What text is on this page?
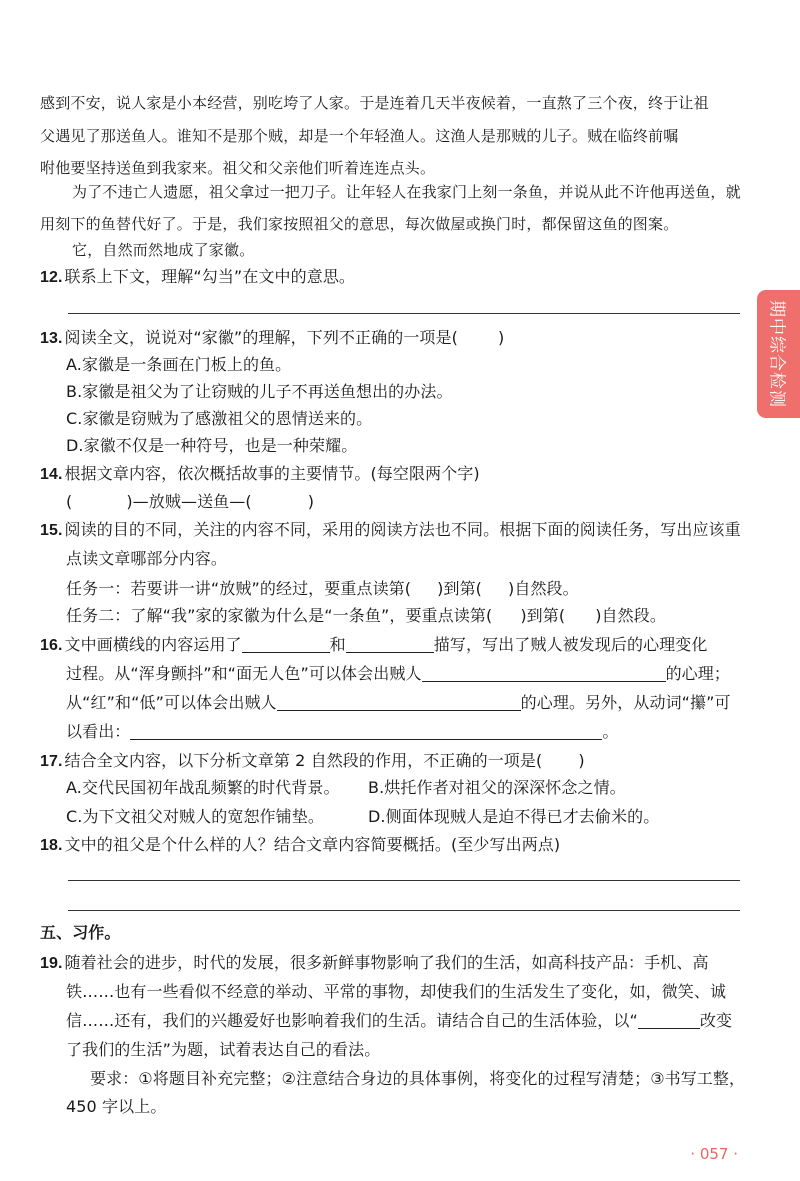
感到不安，说人家是小本经营，别吃垮了人家。于是连着几天半夜候着，一直熬了三个夜，终于让祖

父遇见了那送鱼人。谁知不是那个贼，却是一个年轻渔人。这渔人是那贼的儿子。贼在临终前嘱

咐他要坚持送鱼到我家来。祖父和父亲他们听着连连点头。

为了不违亡人遗愿，祖父拿过一把刀子。让年轻人在我家门上刻一条鱼，并说从此不许他再送鱼，就

用刻下的鱼替代好了。于是，我们家按照祖父的意思，每次做屋或换门时，都保留这鱼的图案。

它，自然而然地成了家徽。

12. 联系上下文，理解“勾当”在文中的意思。
13. 阅读全文，说说对“家徽”的理解，下列不正确的一项是(	)
A.家徽是一条画在门板上的鱼。
B.家徽是祖父为了让窃贼的儿子不再送鱼想出的办法。
C.家徽是窃贼为了感激祖父的恩情送来的。
D.家徽不仅是一种符号，也是一种荣耀。
14. 根据文章内容，依次概括故事的主要情节。(每空限两个字)
(	)—放贼—送鱼—(	)
15. 阅读的目的不同，关注的内容不同，采用的阅读方法也不同。根据下面的阅读任务，写出应该重
点读文章哪部分内容。
任务一：若要讲一讲“放贼”的经过，要重点读第( )到第( )自然段。
任务二：了解“我”家的家徽为什么是“一条鱼”，要重点读第( )到第( )自然段。
16. 文中画横线的内容运用了	和	描写，写出了贼人被发现后的心理变化
过程。从“浑身颤抖”和“面无人色”可以体会出贼人	的心理；
从“红”和“低”可以体会出贼人	的心理。另外，从动词“攥”可
以看出：	。
17. 结合全文内容，以下分析文章第 2 自然段的作用，不正确的一项是( )
A.交代民国初年战乱频繁的时代背景。 B.烘托作者对祖父的深深怀念之情。
C.为下文祖父对贼人的宽恕作铺垫。	D.侧面体现贼人是迫不得已才去偷米的。
18. 文中的祖父是个什么样的人？结合文章内容简要概括。(至少写出两点)
五、习作。
19. 随着社会的进步，时代的发展，很多新鲜事物影响了我们的生活，如高科技产品：手机、高
铁……也有一些看似不经意的举动、平常的事物，却使我们的生活发生了变化，如，微笑、诚
信……还有，我们的兴趣爱好也影响着我们的生活。请结合自己的生活体验，以“	改变
了我们的生活”为题，试着表达自己的看法。
要求：①将题目补充完整；②注意结合身边的具体事例，将变化的过程写清楚；③书写工整，
450 字以上。
期中综合检测
· 057 ·
